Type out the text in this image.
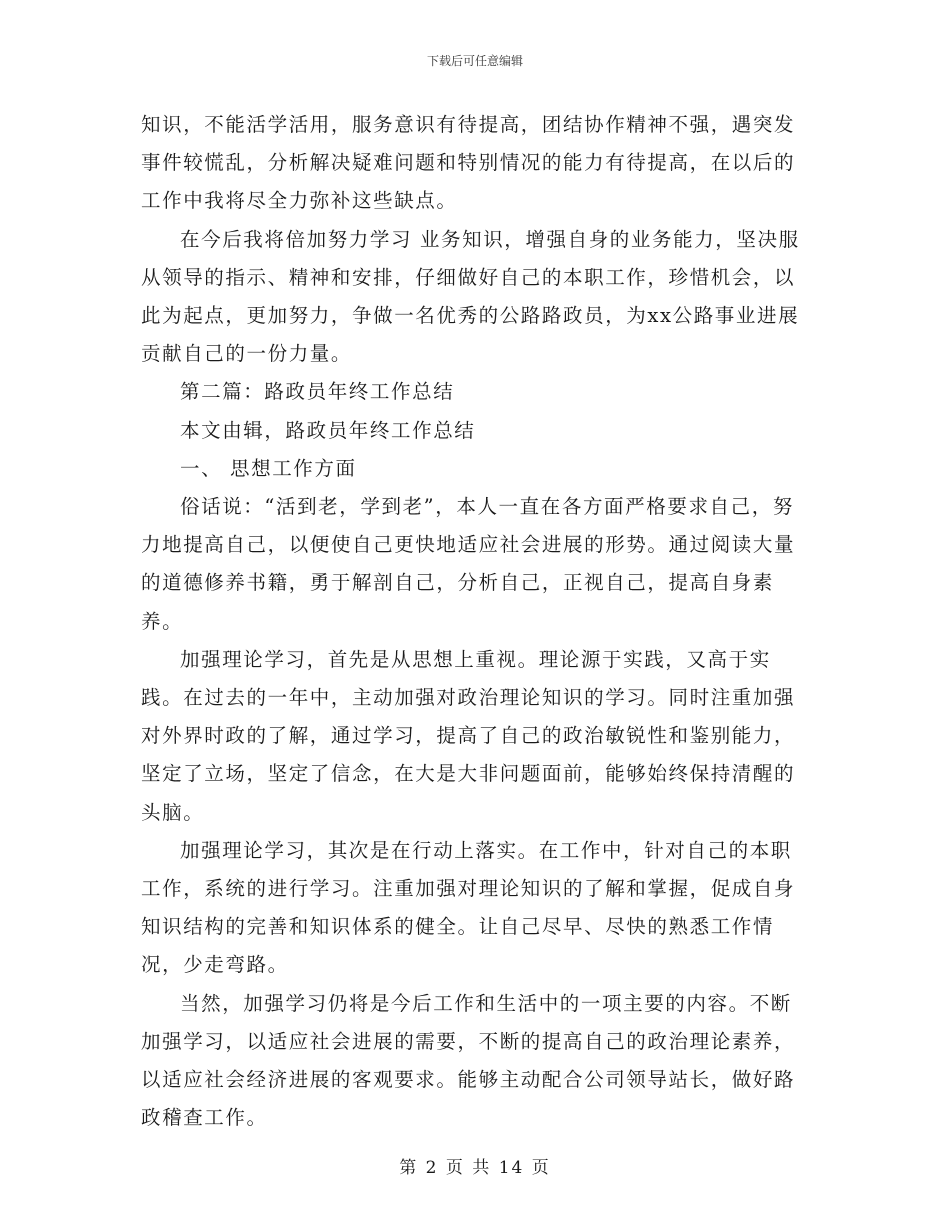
下载后可任意编辑

知识，不能活学活用，服务意识有待提高，团结协作精神不强，遇突发事件较慌乱，分析解决疑难问题和特别情况的能力有待提高，在以后的工作中我将尽全力弥补这些缺点。

在今后我将倍加努力学习 业务知识，增强自身的业务能力，坚决服从领导的指示、精神和安排，仔细做好自己的本职工作，珍惜机会，以此为起点，更加努力，争做一名优秀的公路路政员，为xx公路事业进展贡献自己的一份力量。

第二篇：路政员年终工作总结

本文由辑，路政员年终工作总结

一、 思想工作方面

俗话说：“活到老，学到老”，本人一直在各方面严格要求自己，努力地提高自己，以便使自己更快地适应社会进展的形势。通过阅读大量的道德修养书籍，勇于解剖自己，分析自己，正视自己，提高自身素养。

加强理论学习，首先是从思想上重视。理论源于实践，又高于实践。在过去的一年中，主动加强对政治理论知识的学习。同时注重加强对外界时政的了解，通过学习，提高了自己的政治敏锐性和鉴别能力，坚定了立场，坚定了信念，在大是大非问题面前，能够始终保持清醒的头脑。

加强理论学习，其次是在行动上落实。在工作中，针对自己的本职工作，系统的进行学习。注重加强对理论知识的了解和掌握，促成自身知识结构的完善和知识体系的健全。让自己尽早、尽快的熟悉工作情况，少走弯路。

当然，加强学习仍将是今后工作和生活中的一项主要的内容。不断加强学习，以适应社会进展的需要，不断的提高自己的政治理论素养，以适应社会经济进展的客观要求。能够主动配合公司领导站长，做好路政稽查工作。

第 2 页 共 14 页
